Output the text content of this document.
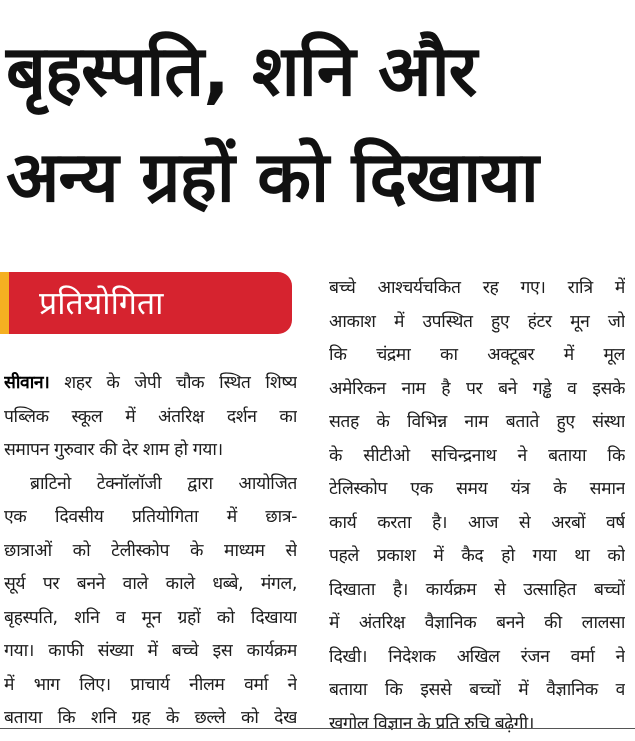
बृहस्पति, शनि और
अन्य ग्रहों को दिखाया
प्रतियोगिता
सीवान। शहर के जेपी चौक स्थित शिष्य
पब्लिक स्कूल में अंतरिक्ष दर्शन का
समापन गुरुवार की देर शाम हो गया।
ब्राटिनो टेक्नॉलॉजी द्वारा आयोजित
एक दिवसीय प्रतियोगिता में छात्र-
छात्राओं को टेलीस्कोप के माध्यम से
सूर्य पर बनने वाले काले धब्बे, मंगल,
बृहस्पति, शनि व मून ग्रहों को दिखाया
गया। काफी संख्या में बच्चे इस कार्यक्रम
में भाग लिए। प्राचार्य नीलम वर्मा ने
बताया कि शनि ग्रह के छल्ले को देख
बच्चे आश्चर्यचकित रह गए। रात्रि में
आकाश में उपस्थित हुए हंटर मून जो
कि चंद्रमा का अक्टूबर में मूल
अमेरिकन नाम है पर बने गड्ढे व इसके
सतह के विभिन्न नाम बताते हुए संस्था
के सीटीओ सचिन्द्रनाथ ने बताया कि
टेलिस्कोप एक समय यंत्र के समान
कार्य करता है। आज से अरबों वर्ष
पहले प्रकाश में कैद हो गया था को
दिखाता है। कार्यक्रम से उत्साहित बच्चों
में अंतरिक्ष वैज्ञानिक बनने की लालसा
दिखी। निदेशक अखिल रंजन वर्मा ने
बताया कि इससे बच्चों में वैज्ञानिक व
खगोल विज्ञान के प्रति रुचि बढ़ेगी।
